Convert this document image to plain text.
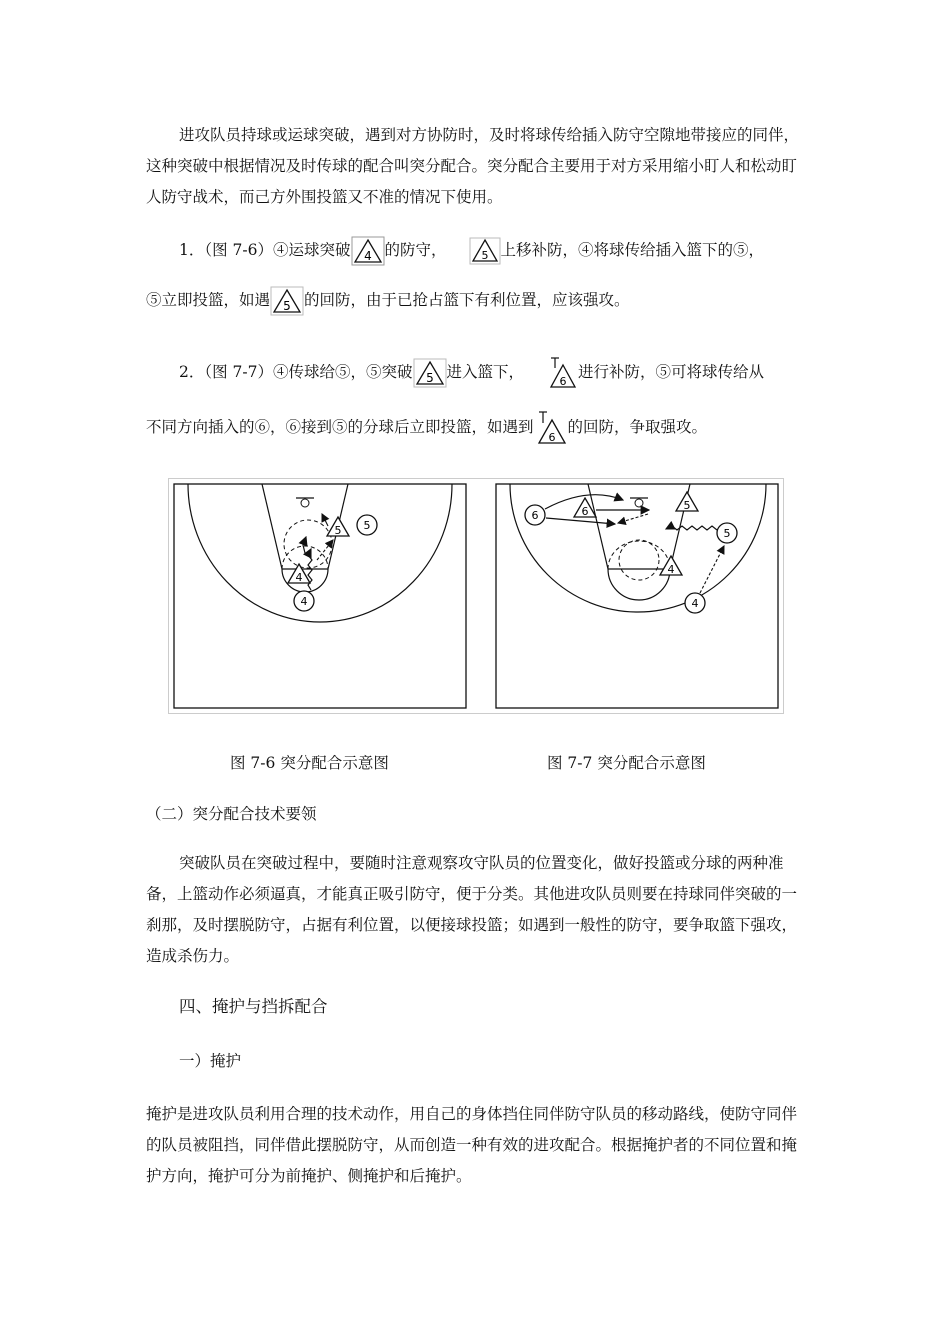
进攻队员持球或运球突破，遇到对方协防时，及时将球传给插入防守空隙地带接应的同伴，这种突破中根据情况及时传球的配合叫突分配合。突分配合主要用于对方采用缩小盯人和松动盯人防守战术，而己方外围投篮又不准的情况下使用。

1．（图 7-6）④运球突破 4 的防守，	5 上移补防，④将球传给插入篮下的⑤，
⑤立即投篮，如遇 5 的回防，由于已抢占篮下有利位置，应该强攻。
2．（图 7-7）④传球给⑤，⑤突破 5 进入篮下，
6
进行补防，⑤可将球传给从
不同方向插入的⑥，⑥接到⑤的分球后立即投篮，如遇到
6
的回防，争取强攻。
5 5
4
4
6	6	5
5
4
4
图 7-6 突分配合示意图	图 7-7 突分配合示意图
（二）突分配合技术要领

突破队员在突破过程中，要随时注意观察攻守队员的位置变化，做好投篮或分球的两种准备，上篮动作必须逼真，才能真正吸引防守，便于分类。其他进攻队员则要在持球同伴突破的一刹那，及时摆脱防守，占据有利位置，以便接球投篮；如遇到一般性的防守，要争取篮下强攻，造成杀伤力。

四、掩护与挡拆配合
一）掩护

掩护是进攻队员利用合理的技术动作，用自己的身体挡住同伴防守队员的移动路线，使防守同伴的队员被阻挡，同伴借此摆脱防守，从而创造一种有效的进攻配合。根据掩护者的不同位置和掩护方向，掩护可分为前掩护、侧掩护和后掩护。
